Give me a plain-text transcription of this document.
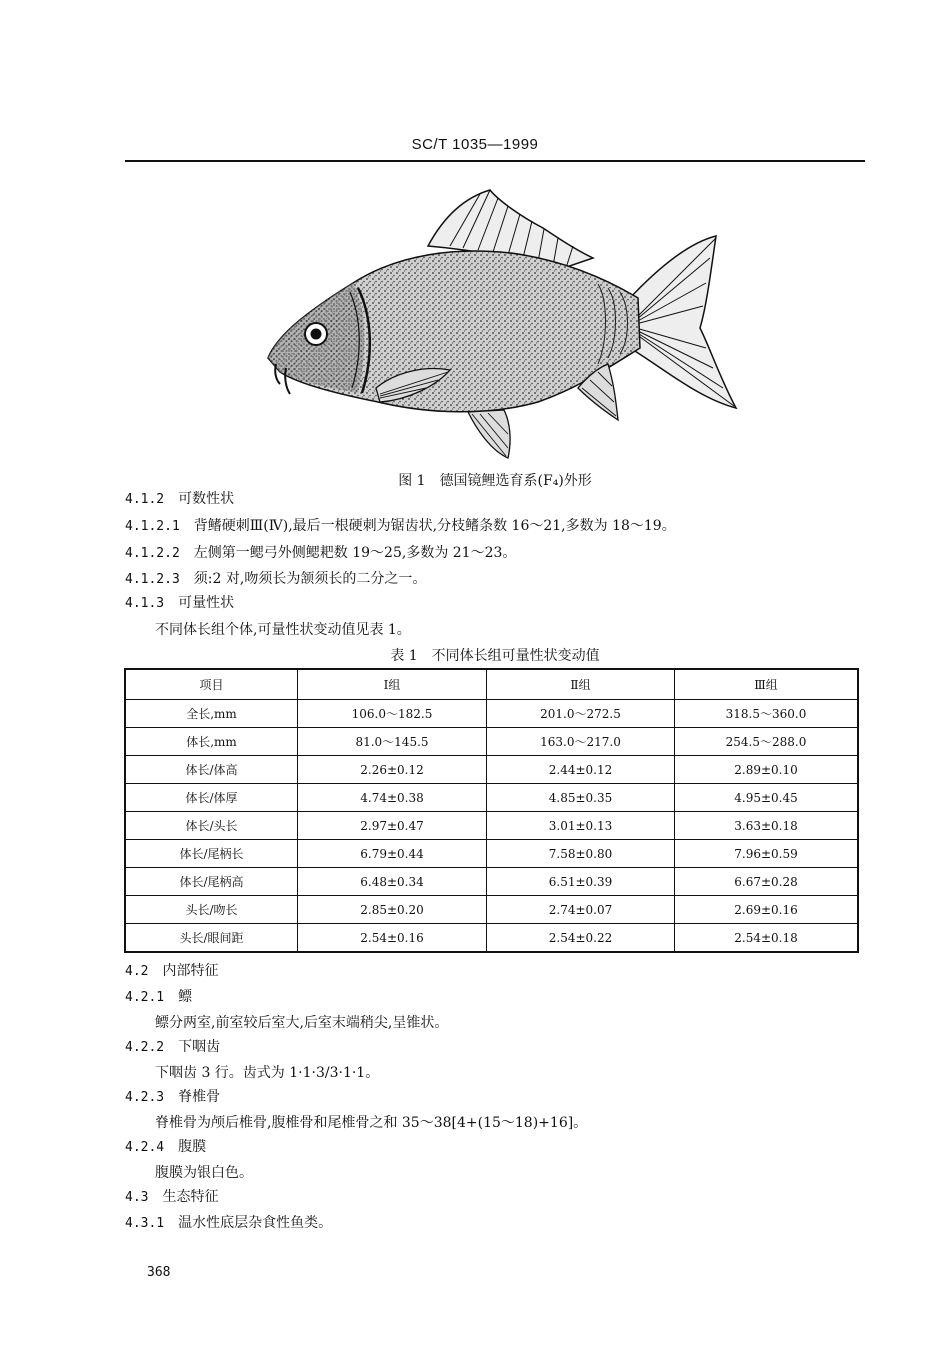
SC/T 1035—1999
图 1　德国镜鲤选育系(F₄)外形
4.1.2 可数性状
4.1.2.1 背鳍硬刺Ⅲ(Ⅳ),最后一根硬刺为锯齿状,分枝鳍条数 16～21,多数为 18～19。
4.1.2.2 左侧第一鳃弓外侧鳃耙数 19～25,多数为 21～23。
4.1.2.3 须:2 对,吻须长为颔须长的二分之一。
4.1.3 可量性状
不同体长组个体,可量性状变动值见表 1。
表 1　不同体长组可量性状变动值
项目	Ⅰ组	Ⅱ组	Ⅲ组
全长,mm	106.0～182.5	201.0～272.5	318.5～360.0
体长,mm	81.0～145.5	163.0～217.0	254.5～288.0
体长/体高	2.26±0.12	2.44±0.12	2.89±0.10
体长/体厚	4.74±0.38	4.85±0.35	4.95±0.45
体长/头长	2.97±0.47	3.01±0.13	3.63±0.18
体长/尾柄长	6.79±0.44	7.58±0.80	7.96±0.59
体长/尾柄高	6.48±0.34	6.51±0.39	6.67±0.28
头长/吻长	2.85±0.20	2.74±0.07	2.69±0.16
头长/眼间距	2.54±0.16	2.54±0.22	2.54±0.18
4.2 内部特征
4.2.1 鳔
鳔分两室,前室较后室大,后室末端稍尖,呈锥状。
4.2.2 下咽齿
下咽齿 3 行。齿式为 1·1·3/3·1·1。
4.2.3 脊椎骨
脊椎骨为颅后椎骨,腹椎骨和尾椎骨之和 35～38[4+(15～18)+16]。
4.2.4 腹膜
腹膜为银白色。
4.3 生态特征
4.3.1 温水性底层杂食性鱼类。
368
